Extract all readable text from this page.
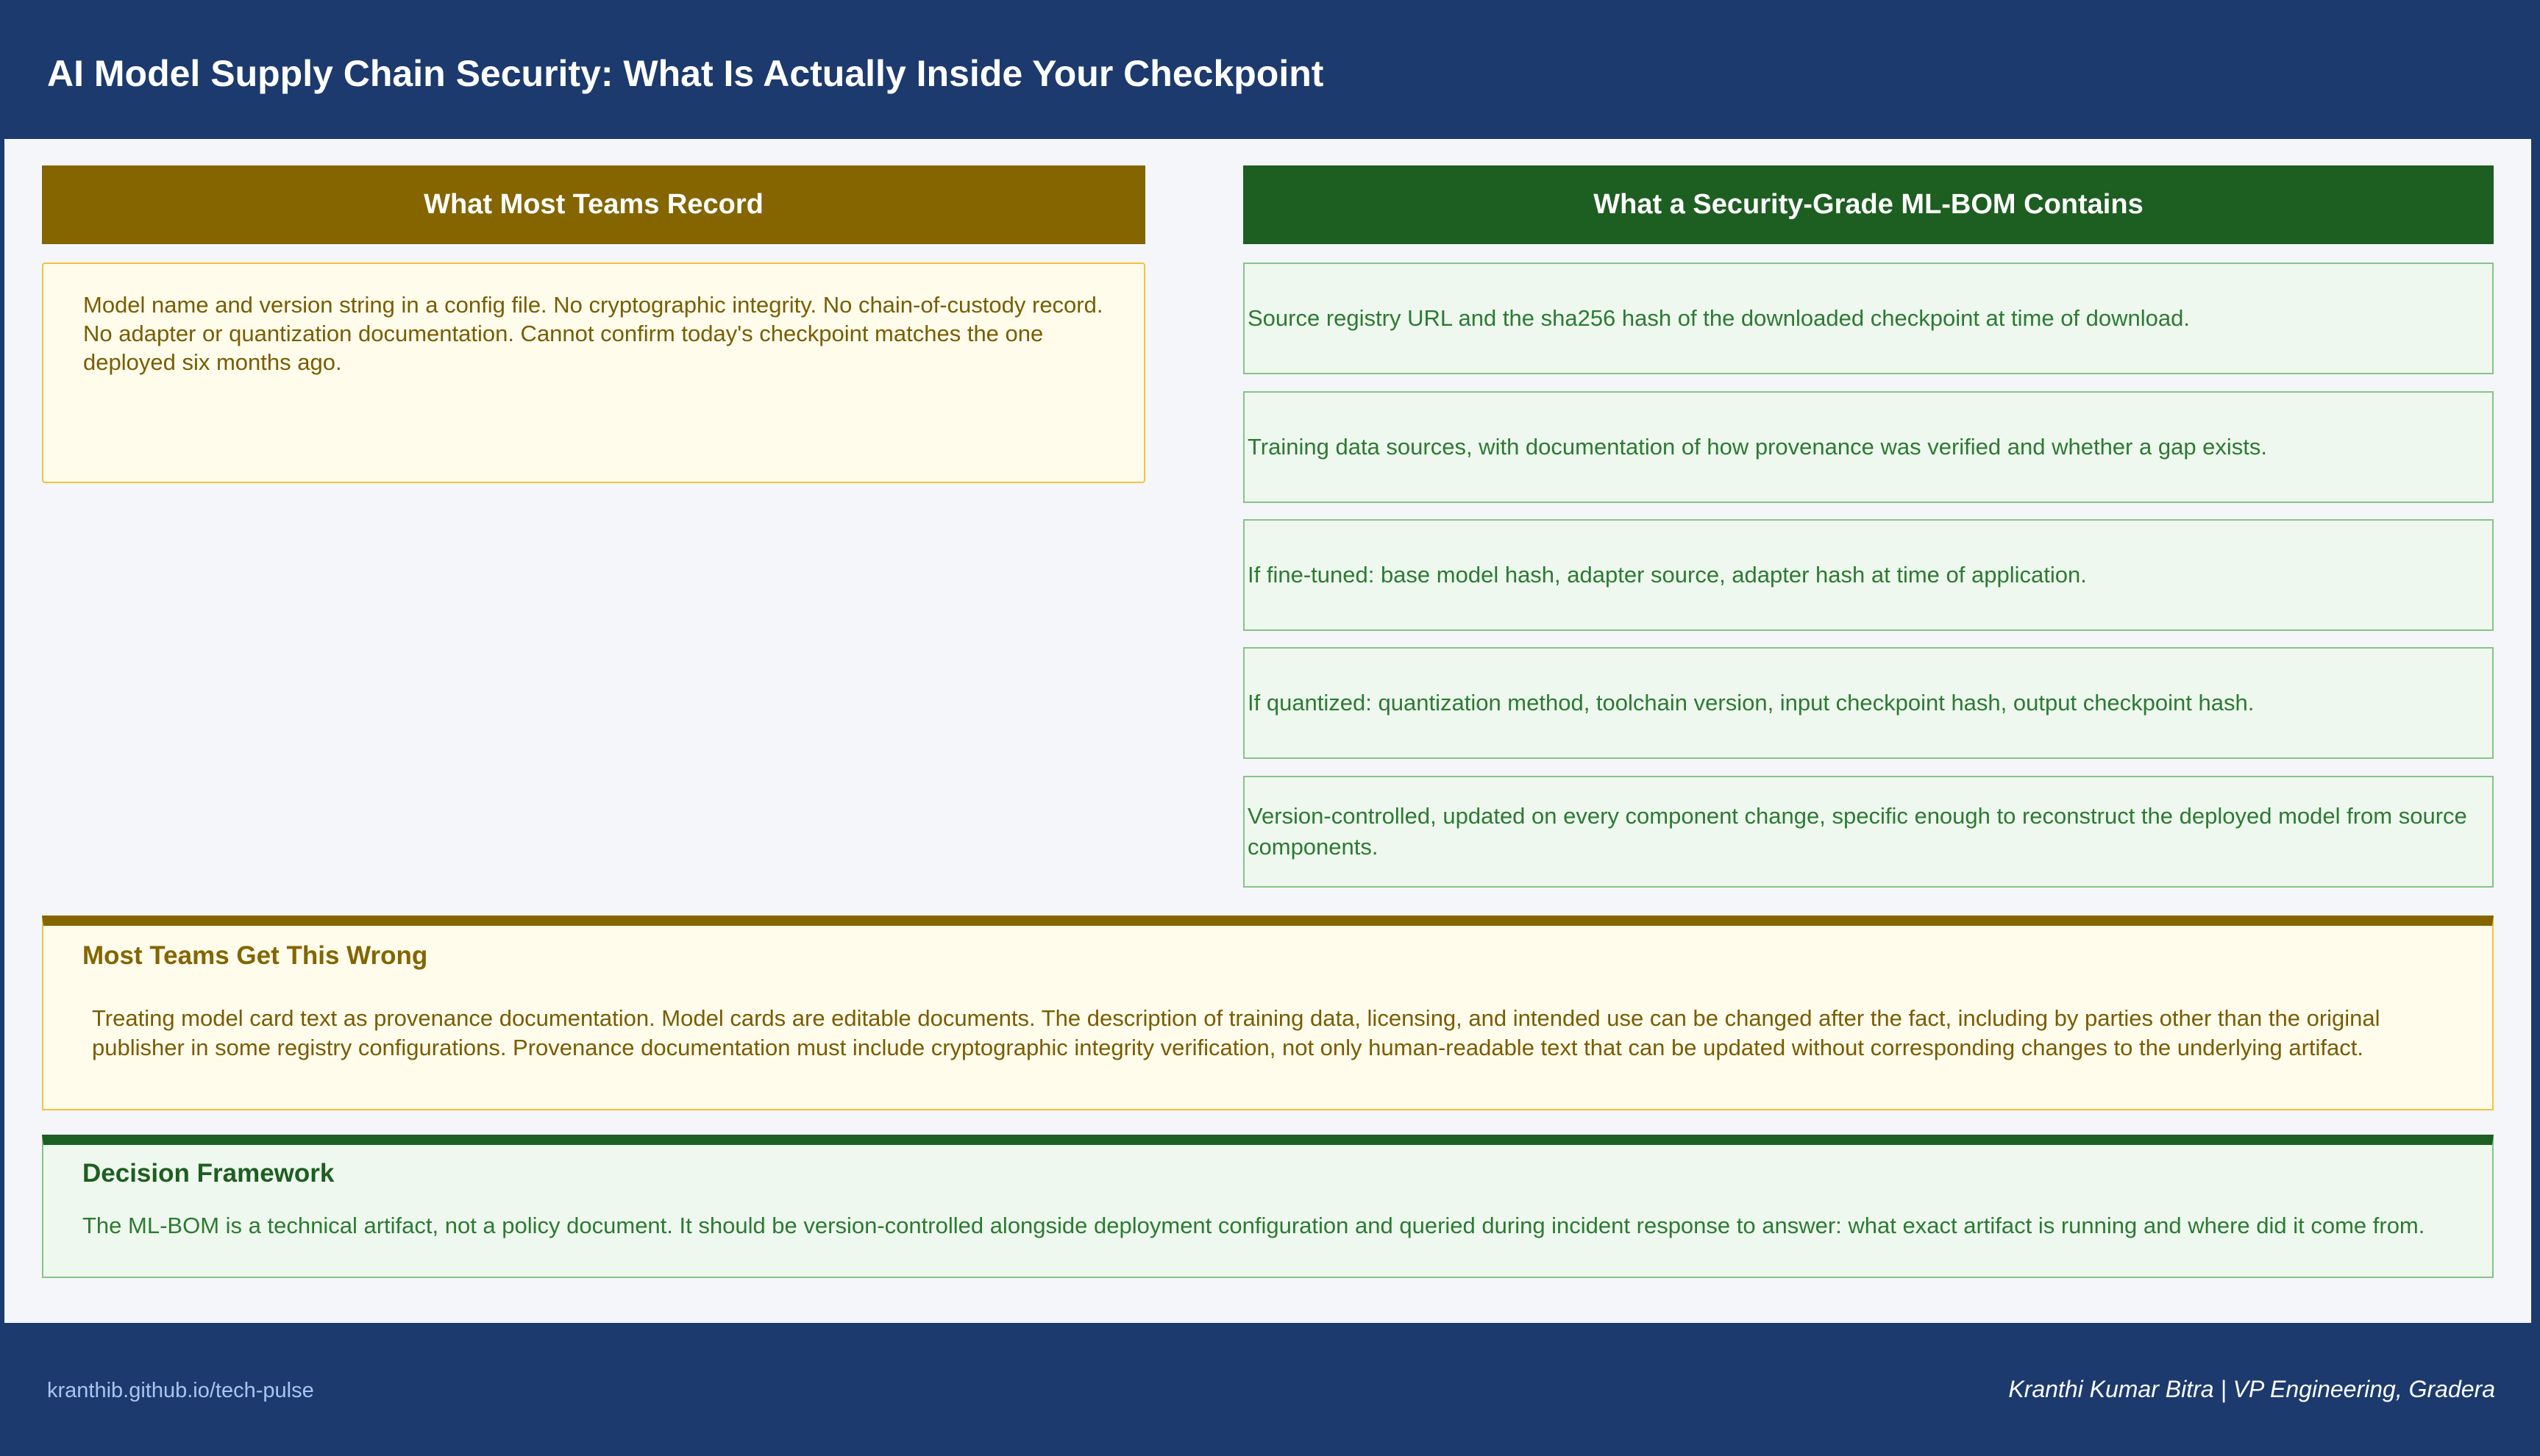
AI Model Supply Chain Security: What Is Actually Inside Your Checkpoint
What Most Teams Record	What a Security-Grade ML-BOM Contains
Model name and version string in a config file. No cryptographic integrity. No chain-of-custody record. No adapter or quantization documentation. Cannot confirm today's checkpoint matches the one deployed six months ago.
Source registry URL and the sha256 hash of the downloaded checkpoint at time of download.
Training data sources, with documentation of how provenance was verified and whether a gap exists.
If fine-tuned: base model hash, adapter source, adapter hash at time of application.
If quantized: quantization method, toolchain version, input checkpoint hash, output checkpoint hash.
Version-controlled, updated on every component change, specific enough to reconstruct the deployed model from source components.
Most Teams Get This Wrong
Treating model card text as provenance documentation. Model cards are editable documents. The description of training data, licensing, and intended use can be changed after the fact, including by parties other than the original publisher in some registry configurations. Provenance documentation must include cryptographic integrity verification, not only human-readable text that can be updated without corresponding changes to the underlying artifact.
Decision Framework
The ML-BOM is a technical artifact, not a policy document. It should be version-controlled alongside deployment configuration and queried during incident response to answer: what exact artifact is running and where did it come from.
kranthib.github.io/tech-pulse	Kranthi Kumar Bitra | VP Engineering, Gradera
